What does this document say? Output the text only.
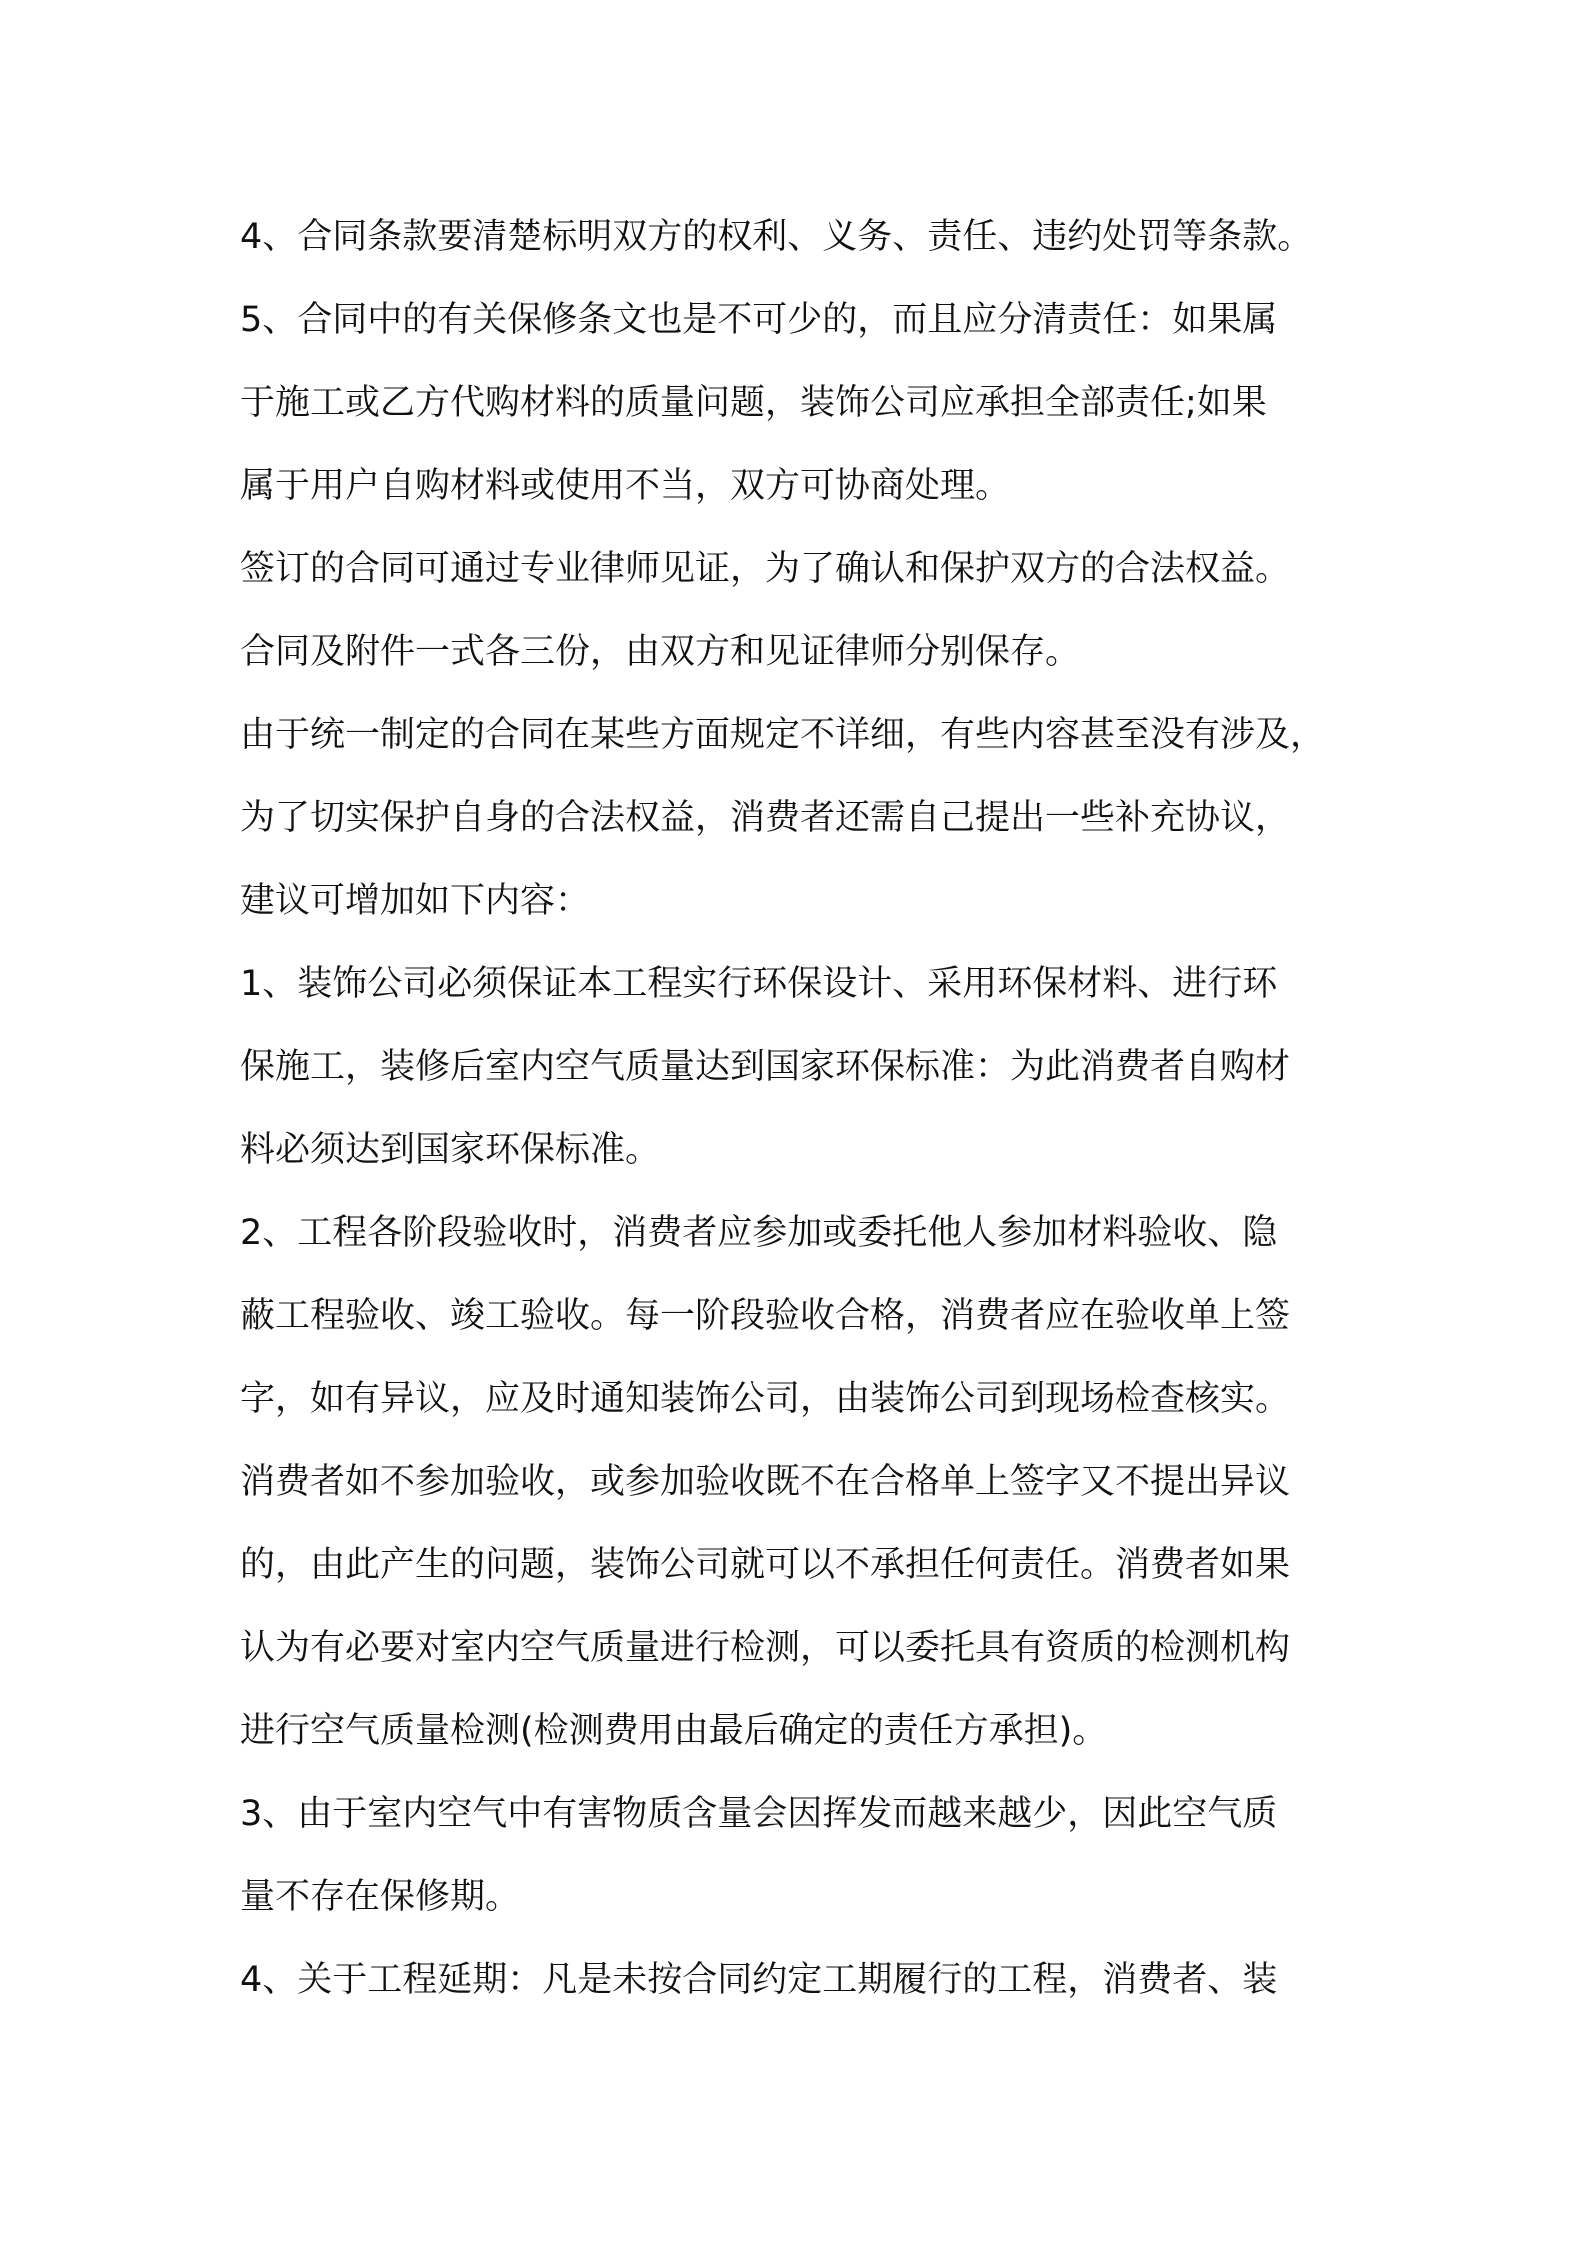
4、合同条款要清楚标明双方的权利、义务、责任、违约处罚等条款。
5、合同中的有关保修条文也是不可少的，而且应分清责任：如果属
于施工或乙方代购材料的质量问题，装饰公司应承担全部责任;如果
属于用户自购材料或使用不当，双方可协商处理。
签订的合同可通过专业律师见证，为了确认和保护双方的合法权益。
合同及附件一式各三份，由双方和见证律师分别保存。
由于统一制定的合同在某些方面规定不详细，有些内容甚至没有涉及，
为了切实保护自身的合法权益，消费者还需自己提出一些补充协议，
建议可增加如下内容：
1、装饰公司必须保证本工程实行环保设计、采用环保材料、进行环
保施工，装修后室内空气质量达到国家环保标准：为此消费者自购材
料必须达到国家环保标准。
2、工程各阶段验收时，消费者应参加或委托他人参加材料验收、隐
蔽工程验收、竣工验收。每一阶段验收合格，消费者应在验收单上签
字，如有异议，应及时通知装饰公司，由装饰公司到现场检查核实。
消费者如不参加验收，或参加验收既不在合格单上签字又不提出异议
的，由此产生的问题，装饰公司就可以不承担任何责任。消费者如果
认为有必要对室内空气质量进行检测，可以委托具有资质的检测机构
进行空气质量检测(检测费用由最后确定的责任方承担)。
3、由于室内空气中有害物质含量会因挥发而越来越少，因此空气质
量不存在保修期。
4、关于工程延期：凡是未按合同约定工期履行的工程，消费者、装
